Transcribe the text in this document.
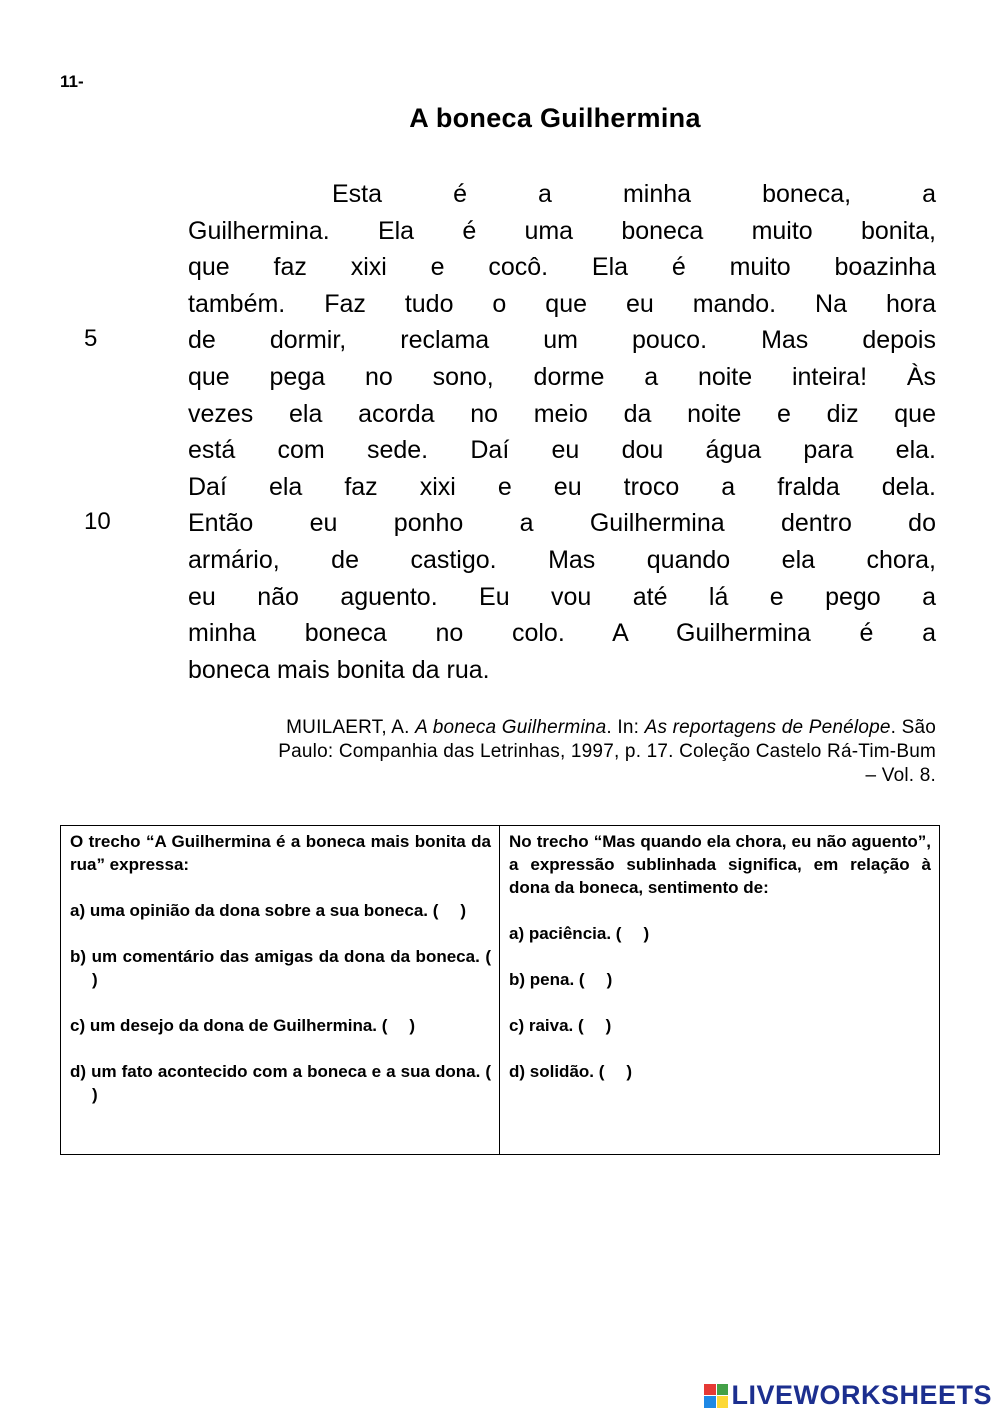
11-
A boneca Guilhermina
5
10
Esta é a minha boneca, a
Guilhermina. Ela é uma boneca muito bonita,
que faz xixi e cocô. Ela é muito boazinha
também. Faz tudo o que eu mando. Na hora
de dormir, reclama um pouco. Mas depois
que pega no sono, dorme a noite inteira! Às
vezes ela acorda no meio da noite e diz que
está com sede. Daí eu dou água para ela.
Daí ela faz xixi e eu troco a fralda dela.
Então eu ponho a Guilhermina dentro do
armário, de castigo. Mas quando ela chora,
eu não aguento. Eu vou até lá e pego a
minha boneca no colo. A Guilhermina é a
boneca mais bonita da rua.
MUILAERT, A. A boneca Guilhermina. In: As reportagens de Penélope. São Paulo: Companhia das Letrinhas, 1997, p. 17. Coleção Castelo Rá-Tim-Bum – Vol. 8.

O trecho “A Guilhermina é a boneca mais bonita da rua” expressa:

a) uma opinião da dona sobre a sua boneca. ( )
b) um comentário das amigas da dona da boneca. ()
c) um desejo da dona de Guilhermina. ( )
d) um fato acontecido com a boneca e a sua dona. ()

No trecho “Mas quando ela chora, eu não aguento”, a expressão sublinhada significa, em relação à dona da boneca, sentimento de:

a) paciência. ( )
b) pena. ( )
c) raiva. ( )
d) solidão. ( )
LIVEWORKSHEETS
